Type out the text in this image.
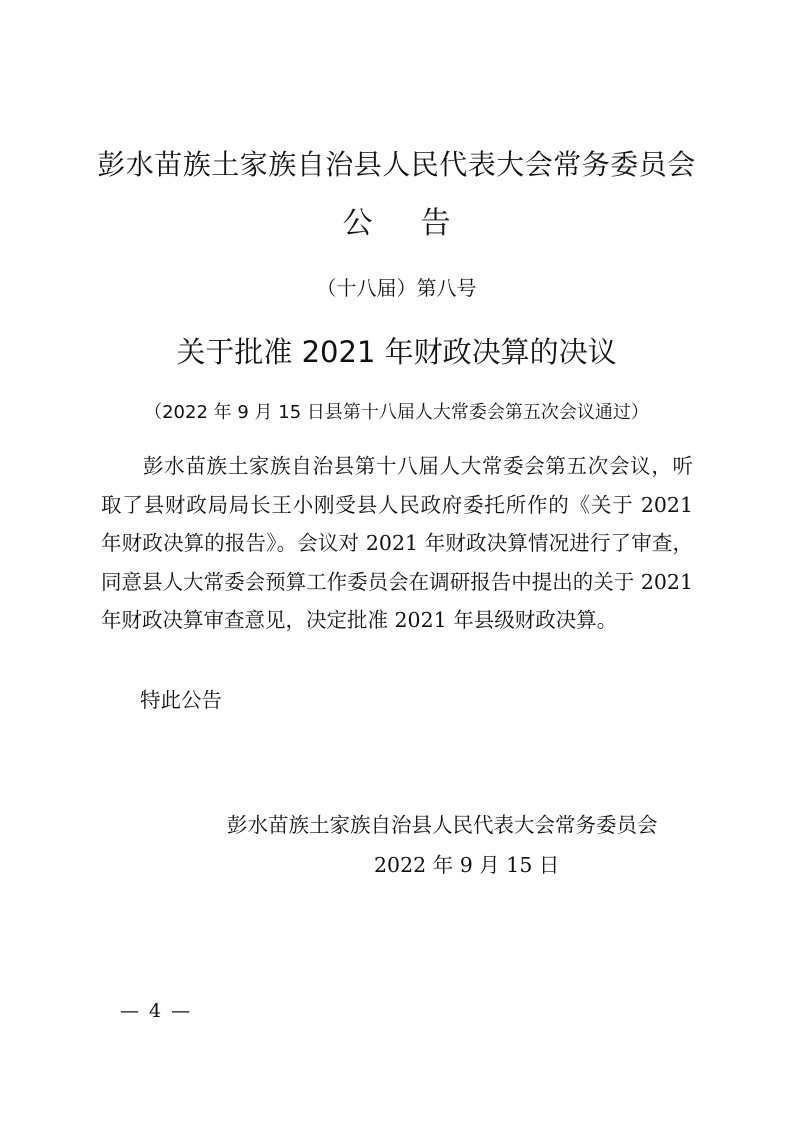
彭水苗族土家族自治县人民代表大会常务委员会
公 告
（十八届）第八号
关于批准 2021 年财政决算的决议
（2022 年 9 月 15 日县第十八届人大常委会第五次会议通过）
彭水苗族土家族自治县第十八届人大常委会第五次会议，听取了县财政局局长王小刚受县人民政府委托所作的《关于 2021 年财政决算的报告》。会议对 2021 年财政决算情况进行了审查，同意县人大常委会预算工作委员会在调研报告中提出的关于 2021 年财政决算审查意见，决定批准 2021 年县级财政决算。
特此公告
彭水苗族土家族自治县人民代表大会常务委员会
2022 年 9 月 15 日
— 4 —
